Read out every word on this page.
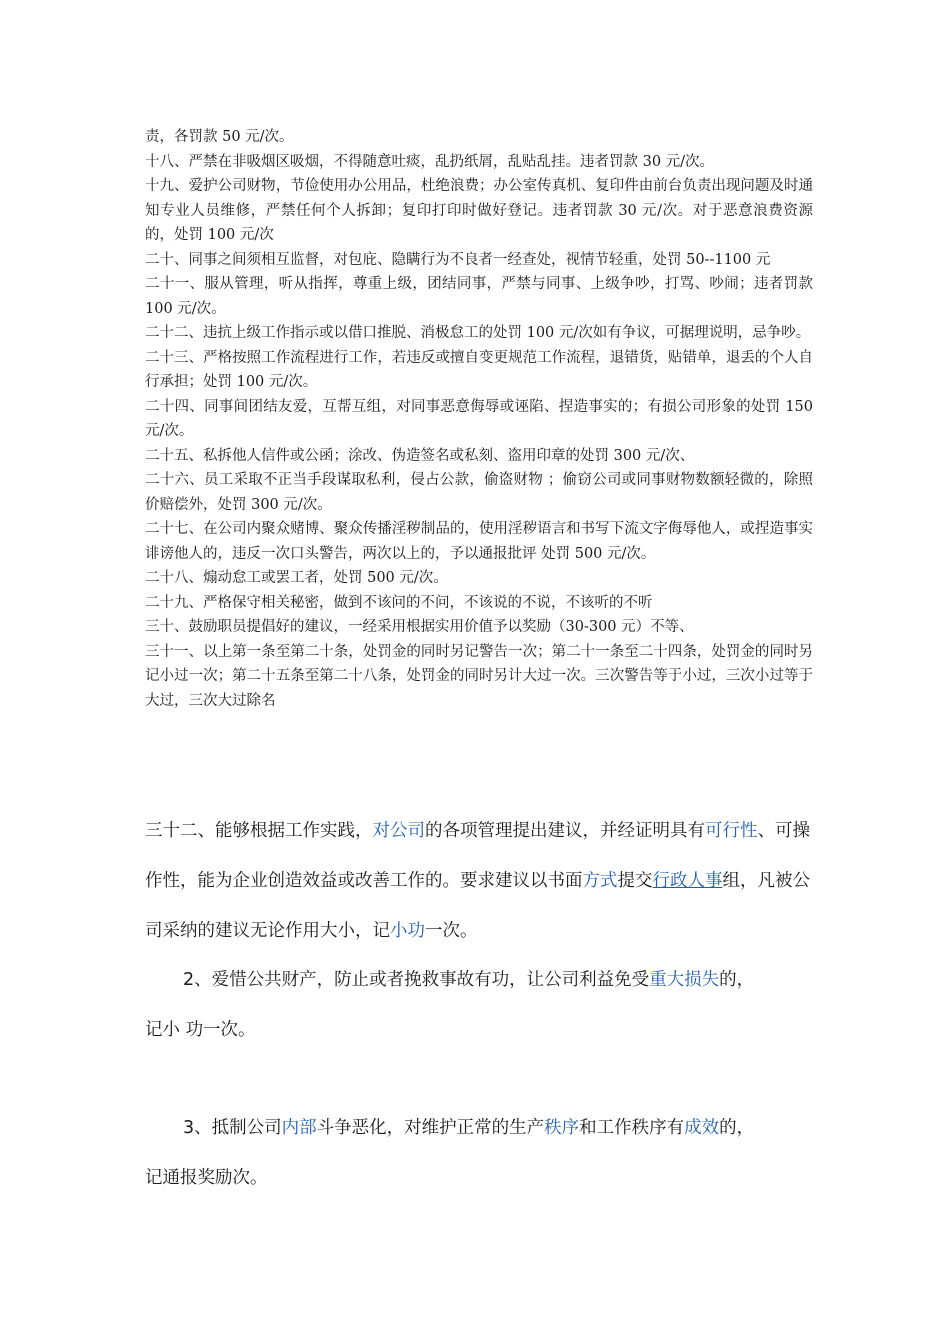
责，各罚款 50 元/次。

十八、严禁在非吸烟区吸烟，不得随意吐痰，乱扔纸屑，乱贴乱挂。违者罚款 30 元/次。

十九、爱护公司财物，节俭使用办公用品，杜绝浪费；办公室传真机、复印件由前台负责出现问题及时通知专业人员维修，严禁任何个人拆卸；复印打印时做好登记。违者罚款 30 元/次。对于恶意浪费资源的，处罚 100 元/次

二十、同事之间须相互监督，对包庇、隐瞒行为不良者一经查处，视情节轻重，处罚 50--1100 元

二十一、服从管理，听从指挥，尊重上级，团结同事，严禁与同事、上级争吵，打骂、吵闹；违者罚款 100 元/次。

二十二、违抗上级工作指示或以借口推脱、消极怠工的处罚 100 元/次如有争议，可据理说明，忌争吵。

二十三、严格按照工作流程进行工作，若违反或擅自变更规范工作流程，退错货，贴错单，退丢的个人自行承担；处罚 100 元/次。

二十四、同事间团结友爱，互帮互组，对同事恶意侮辱或诬陷、捏造事实的；有损公司形象的处罚 150 元/次。

二十五、私拆他人信件或公函；涂改、伪造签名或私刻、盗用印章的处罚 300 元/次、

二十六、员工采取不正当手段谋取私利，侵占公款，偷盗财物 ；偷窃公司或同事财物数额轻微的，除照价赔偿外，处罚 300 元/次。

二十七、在公司内聚众赌博、聚众传播淫秽制品的，使用淫秽语言和书写下流文字侮辱他人，或捏造事实诽谤他人的，违反一次口头警告，两次以上的，予以通报批评 处罚 500 元/次。

二十八、煽动怠工或罢工者，处罚 500 元/次。

二十九、严格保守相关秘密，做到不该问的不问，不该说的不说，不该听的不听

三十、鼓励职员提倡好的建议，一经采用根据实用价值予以奖励（30-300 元）不等、

三十一、以上第一条至第二十条，处罚金的同时另记警告一次；第二十一条至二十四条，处罚金的同时另记小过一次；第二十五条至第二十八条，处罚金的同时另计大过一次。三次警告等于小过，三次小过等于大过，三次大过除名

三十二、能够根据工作实践，对公司的各项管理提出建议，并经证明具有可行性、可操作性，能为企业创造效益或改善工作的。要求建议以书面方式提交行政人事组，凡被公司采纳的建议无论作用大小，记小功一次。

2、爱惜公共财产，防止或者挽救事故有功，让公司利益免受重大损失的，

记小 功一次。

3、抵制公司内部斗争恶化，对维护正常的生产秩序和工作秩序有成效的，

记通报奖励次。
